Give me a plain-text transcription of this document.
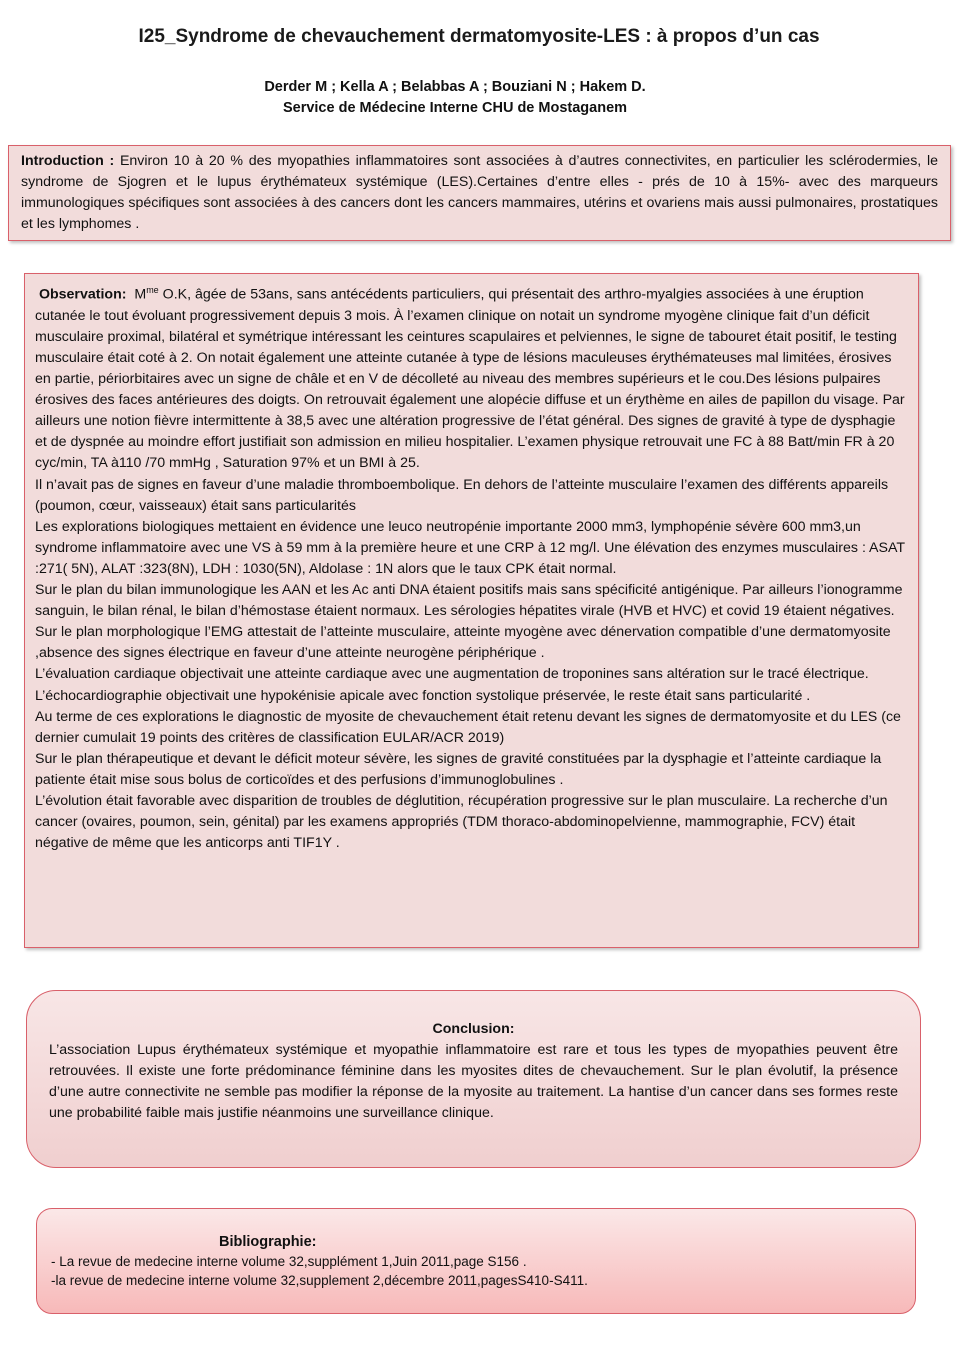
I25_Syndrome de chevauchement dermatomyosite-LES : à propos d’un cas
Derder M ; Kella A ; Belabbas A ; Bouziani N ; Hakem D.
Service de Médecine Interne CHU de Mostaganem
Introduction : Environ 10 à 20 % des myopathies inflammatoires sont associées à d’autres connectivites, en particulier les sclérodermies, le syndrome de Sjogren et le lupus érythémateux systémique (LES).Certaines d’entre elles - prés de 10 à 15%- avec des marqueurs immunologiques spécifiques sont associées à des cancers dont les cancers mammaires, utérins et ovariens mais aussi pulmonaires, prostatiques et les lymphomes .

Observation: $M^{me}$ O.K, âgée de 53ans, sans antécédents particuliers, qui présentait des arthro-myalgies associées à une éruption cutanée le tout évoluant progressivement depuis 3 mois. À l’examen clinique on notait un syndrome myogène clinique fait d’un déficit musculaire proximal, bilatéral et symétrique intéressant les ceintures scapulaires et pelviennes, le signe de tabouret était positif, le testing musculaire était coté à 2. On notait également une atteinte cutanée à type de lésions maculeuses érythémateuses mal limitées, érosives en partie, périorbitaires avec un signe de châle et en V de décolleté au niveau des membres supérieurs et le cou.Des lésions pulpaires érosives des faces antérieures des doigts. On retrouvait également une alopécie diffuse et un érythème en ailes de papillon du visage. Par ailleurs une notion fièvre intermittente à 38,5 avec une altération progressive de l’état général. Des signes de gravité à type de dysphagie et de dyspnée au moindre effort justifiait son admission en milieu hospitalier. L’examen physique retrouvait une FC à 88 Batt/min FR à 20 cyc/min, TA à110 /70 mmHg , Saturation 97% et un BMI à 25.

Il n’avait pas de signes en faveur d’une maladie thromboembolique. En dehors de l’atteinte musculaire l’examen des différents appareils (poumon, cœur, vaisseaux) était sans particularités

Les explorations biologiques mettaient en évidence une leuco neutropénie importante 2000 mm3, lymphopénie sévère 600 mm3,un syndrome inflammatoire avec une VS à 59 mm à la première heure et une CRP à 12 mg/l. Une élévation des enzymes musculaires : ASAT :271( 5N), ALAT :323(8N), LDH : 1030(5N), Aldolase : 1N alors que le taux CPK était normal.

Sur le plan du bilan immunologique les AAN et les Ac anti DNA étaient positifs mais sans spécificité antigénique. Par ailleurs l’ionogramme sanguin, le bilan rénal, le bilan d’hémostase étaient normaux. Les sérologies hépatites virale (HVB et HVC) et covid 19 étaient négatives.

Sur le plan morphologique l’EMG attestait de l’atteinte musculaire, atteinte myogène avec dénervation compatible d’une dermatomyosite ,absence des signes électrique en faveur d’une atteinte neurogène périphérique .

L’évaluation cardiaque objectivait une atteinte cardiaque avec une augmentation de troponines sans altération sur le tracé électrique. L’échocardiographie objectivait une hypokénisie apicale avec fonction systolique préservée, le reste était sans particularité .

Au terme de ces explorations le diagnostic de myosite de chevauchement était retenu devant les signes de dermatomyosite et du LES (ce dernier cumulait 19 points des critères de classification EULAR/ACR 2019)

Sur le plan thérapeutique et devant le déficit moteur sévère, les signes de gravité constituées par la dysphagie et l’atteinte cardiaque la patiente était mise sous bolus de corticoïdes et des perfusions d’immunoglobulines .

L’évolution était favorable avec disparition de troubles de déglutition, récupération progressive sur le plan musculaire. La recherche d’un cancer (ovaires, poumon, sein, génital) par les examens appropriés (TDM thoraco-abdominopelvienne, mammographie, FCV) était négative de même que les anticorps anti TIF1Y .

Conclusion:
L’association Lupus érythémateux systémique et myopathie inflammatoire est rare et tous les types de myopathies peuvent être retrouvées. Il existe une forte prédominance féminine dans les myosites dites de chevauchement. Sur le plan évolutif, la présence d’une autre connectivite ne semble pas modifier la réponse de la myosite au traitement. La hantise d’un cancer dans ses formes reste une probabilité faible mais justifie néanmoins une surveillance clinique.
Bibliographie:
- La revue de medecine interne volume 32,supplément 1,Juin 2011,page S156 .
-la revue de medecine interne volume 32,supplement 2,décembre 2011,pagesS410-S411.
